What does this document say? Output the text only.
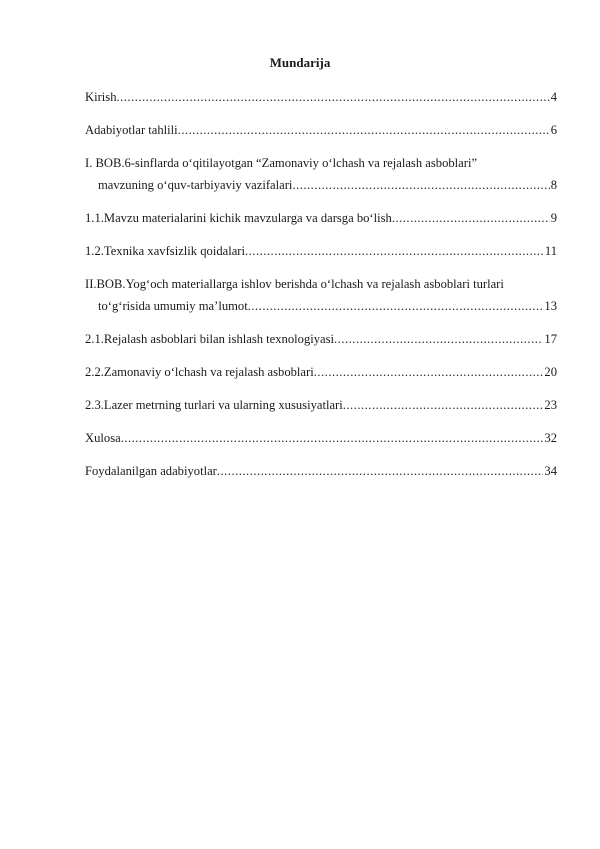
Mundarija
Kirish .....	4
Adabiyotlar tahlili .....	6
I. BOB.6-sinflarda o‘qitilayotgan “Zamonaviy o‘lchash va rejalash asboblari”
mavzuning o‘quv-tarbiyaviy vazifalari .....	8
1.1.Mavzu materialarini kichik mavzularga va darsga bo‘lish .....	9
1.2.Texnika xavfsizlik qoidalari .....	11
II.BOB.Yog‘och materiallarga ishlov berishda o‘lchash va rejalash asboblari turlari
to‘g‘risida umumiy ma’lumot .....	13
2.1.Rejalash asboblari bilan ishlash texnologiyasi .....	17
2.2.Zamonaviy o‘lchash va rejalash asboblari .....	20
2.3.Lazer metrning turlari va ularning xususiyatlari .....	23
Xulosa .....	32
Foydalanilgan adabiyotlar .....	34
